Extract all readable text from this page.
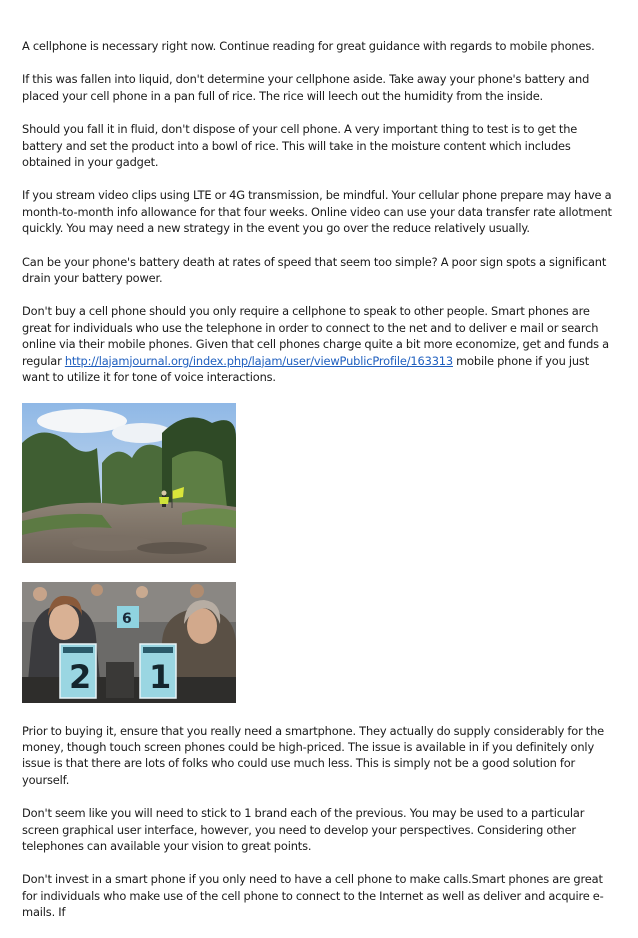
A cellphone is necessary right now. Continue reading for great guidance with regards to mobile phones.

If this was fallen into liquid, don't determine your cellphone aside. Take away your phone's battery and placed your cell phone in a pan full of rice. The rice will leech out the humidity from the inside.

Should you fall it in fluid, don't dispose of your cell phone. A very important thing to test is to get the battery and set the product into a bowl of rice. This will take in the moisture content which includes obtained in your gadget.

If you stream video clips using LTE or 4G transmission, be mindful. Your cellular phone prepare may have a month-to-month info allowance for that four weeks. Online video can use your data transfer rate allotment quickly. You may need a new strategy in the event you go over the reduce relatively usually.

Can be your phone's battery death at rates of speed that seem too simple? A poor sign spots a significant drain your battery power.

Don't buy a cell phone should you only require a cellphone to speak to other people. Smart phones are great for individuals who use the telephone in order to connect to the net and to deliver e mail or search online via their mobile phones. Given that cell phones charge quite a bit more economize, get and funds a regular http://lajamjournal.org/index.php/lajam/user/viewPublicProfile/163313 mobile phone if you just want to utilize it for tone of voice interactions.

6
2 1

Prior to buying it, ensure that you really need a smartphone. They actually do supply considerably for the money, though touch screen phones could be high-priced. The issue is available in if you definitely only issue is that there are lots of folks who could use much less. This is simply not be a good solution for yourself.

Don't seem like you will need to stick to 1 brand each of the previous. You may be used to a particular screen graphical user interface, however, you need to develop your perspectives. Considering other telephones can available your vision to great points.

Don't invest in a smart phone if you only need to have a cell phone to make calls.Smart phones are great for individuals who make use of the cell phone to connect to the Internet as well as deliver and acquire e-mails. If
